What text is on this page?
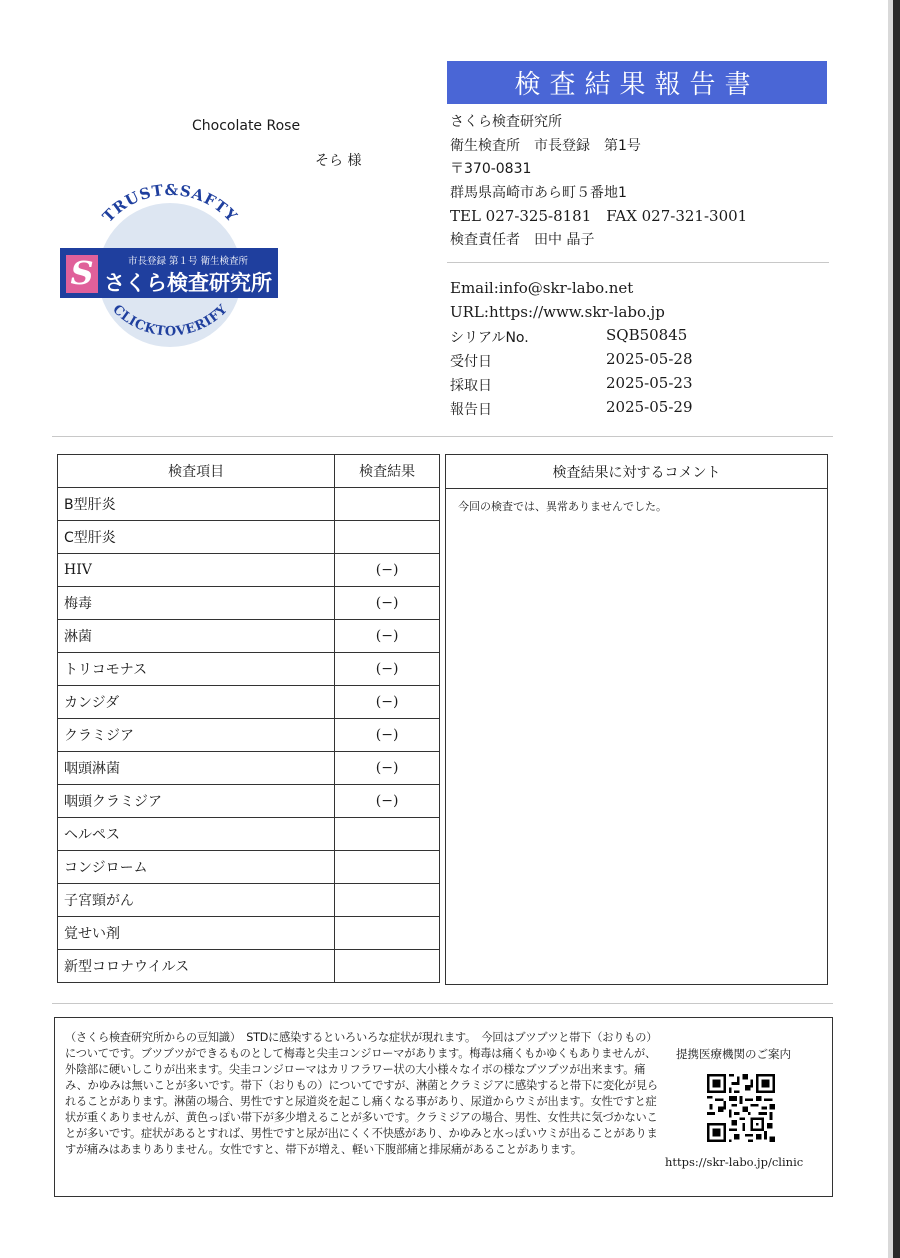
Chocolate Rose
そら 様
TRUST&SAFTY
CLICKTOVERIFY
S	市長登録 第１号 衛生検査所
さくら検査研究所
検査結果報告書
さくら検査研究所
衛生検査所　市長登録　第1号
〒370-0831
群馬県高崎市あら町５番地1
TEL 027-325-8181　FAX 027-321-3001
検査責任者　田中 晶子
Email:info@skr-labo.net
URL:https://www.skr-labo.jp
シリアルNo.	SQB50845
受付日	2025-05-28
採取日	2025-05-23
報告日	2025-05-29
検査項目	検査結果
B型肝炎	
C型肝炎	
HIV	(−)
梅毒	(−)
淋菌	(−)
トリコモナス	(−)
カンジダ	(−)
クラミジア	(−)
咽頭淋菌	(−)
咽頭クラミジア	(−)
ヘルペス	
コンジローム	
子宮頸がん	
覚せい剤	
新型コロナウイルス	
検査結果に対するコメント
今回の検査では、異常ありませんでした。
（さくら検査研究所からの豆知識）　STDに感染するといろいろな症状が現れます。　今回はブツブツと帯下（おりもの）についてです。ブツブツができるものとして梅毒と尖圭コンジローマがあります。梅毒は痛くもかゆくもありませんが、外陰部に硬いしこりが出来ます。尖圭コンジローマはカリフラワー状の大小様々なイボの様なブツブツが出来ます。痛み、かゆみは無いことが多いです。帯下（おりもの）についてですが、淋菌とクラミジアに感染すると帯下に変化が見られることがあります。淋菌の場合、男性ですと尿道炎を起こし痛くなる事があり、尿道からウミが出ます。女性ですと症状が重くありませんが、黄色っぽい帯下が多少増えることが多いです。クラミジアの場合、男性、女性共に気づかないことが多いです。症状があるとすれば、男性ですと尿が出にくく不快感があり、かゆみと水っぽいウミが出ることがありますが痛みはあまりありません。女性ですと、帯下が増え、軽い下腹部痛と排尿痛があることがあります。
提携医療機関のご案内
https://skr-labo.jp/clinic
